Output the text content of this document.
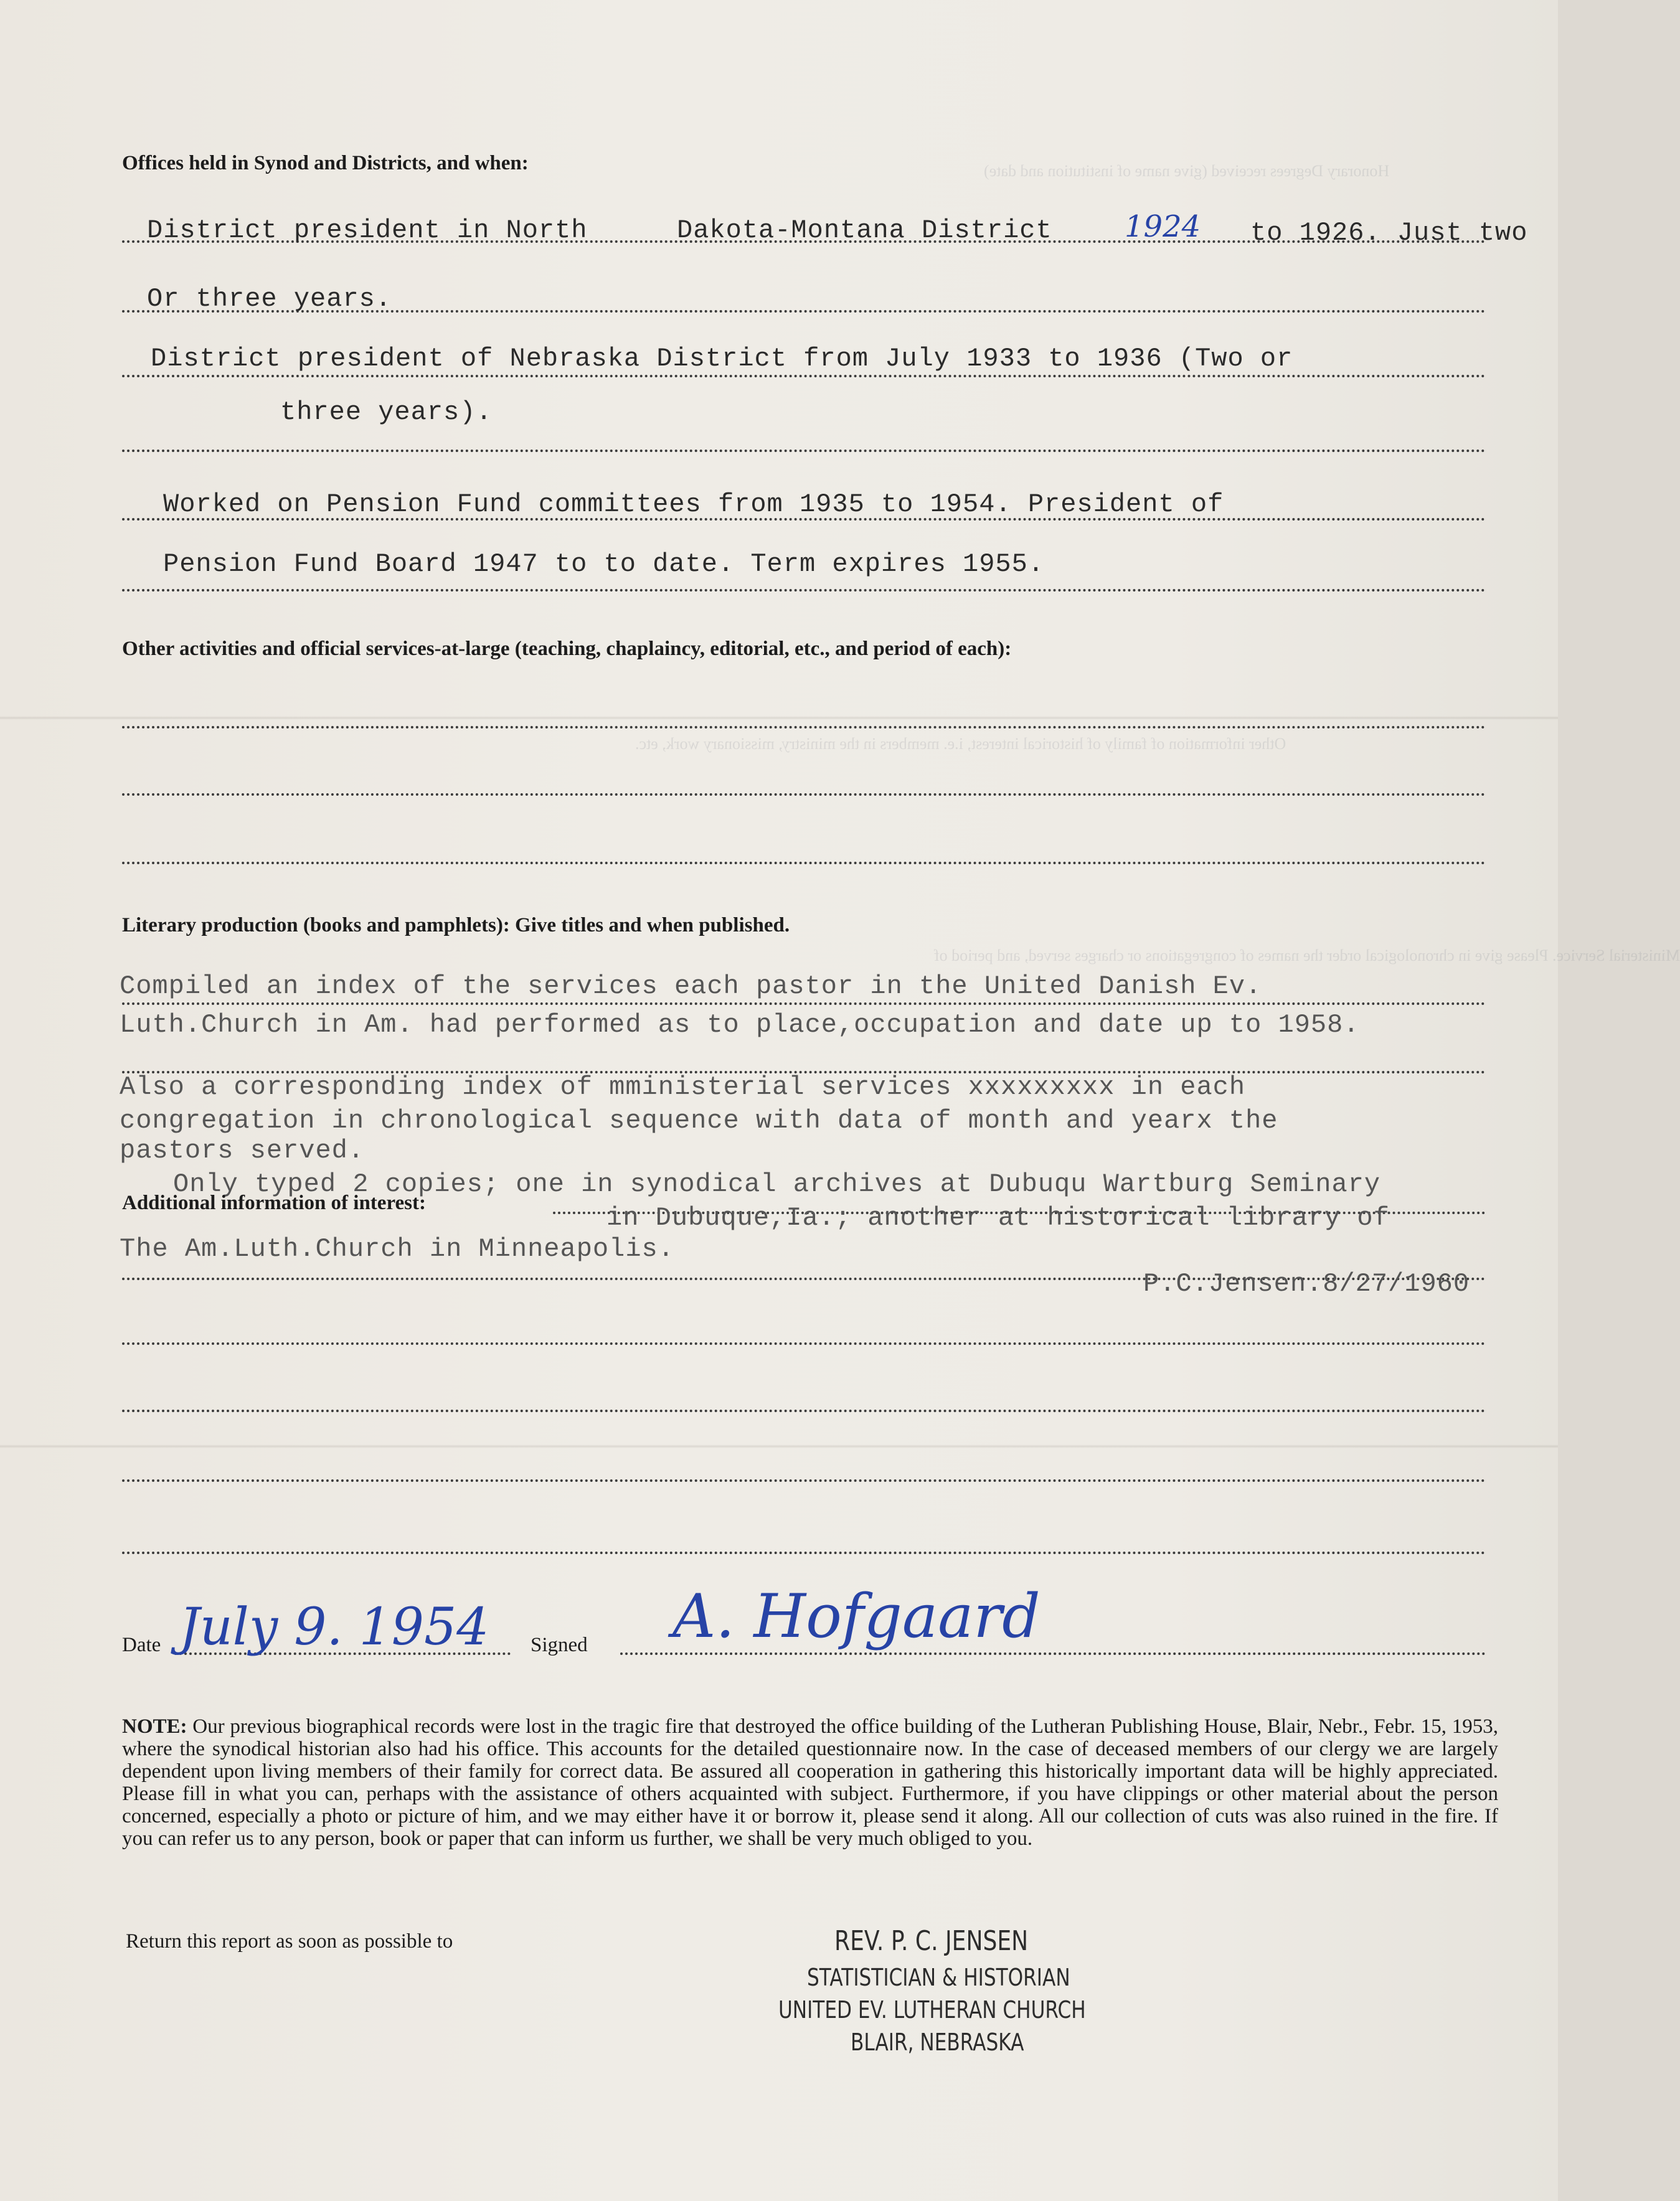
Honorary Degrees received (give name of institution and date)
Other information of family of historical interest, i.e. members in the ministry, missionary work, etc.
Ministerial Service. Please give in chronological order the names of congregations or charges served, and period of
Offices held in Synod and Districts, and when:
District president in North	Dakota-Montana District 1924 to 1926. Just two
Or three years.
District president of Nebraska District from July 1933 to 1936 (Two or
three years).
Worked on Pension Fund committees from 1935 to 1954. President of
Pension Fund Board 1947 to to date. Term expires 1955.
Other activities and official services-at-large (teaching, chaplaincy, editorial, etc., and period of each):
Literary production (books and pamphlets): Give titles and when published.
Compiled an index of the services each pastor in the United Danish Ev.
Luth.Church in Am. had performed as to place,occupation and date up to 1958.
Also a corresponding index of mministerial services xxxxxxxxx in each
congregation in chronological sequence with data of month and yearx the
pastors served.
Only typed 2 copies; one in synodical archives at Dubuqu Wartburg Seminary
Additional information of interest:	in Dubuque,Ia.; another at historical library of
The Am.Luth.Church in Minneapolis.
P.C.Jensen.8/27/1960
Date July 9. 1954 Signed A. Hofgaard
NOTE: Our previous biographical records were lost in the tragic fire that destroyed the office building of the Lutheran Publishing House, Blair, Nebr., Febr. 15, 1953, where the synodical historian also had his office. This accounts for the detailed questionnaire now. In the case of deceased members of our clergy we are largely dependent upon living members of their family for correct data. Be assured all cooperation in gathering this historically important data will be highly appreciated. Please fill in what you can, perhaps with the assistance of others acquainted with subject. Furthermore, if you have clippings or other material about the person concerned, especially a photo or picture of him, and we may either have it or borrow it, please send it along. All our collection of cuts was also ruined in the fire. If you can refer us to any person, book or paper that can inform us further, we shall be very much obliged to you.
Return this report as soon as possible to	REV. P. C. JENSEN
STATISTICIAN & HISTORIAN
UNITED EV. LUTHERAN CHURCH
BLAIR, NEBRASKA
